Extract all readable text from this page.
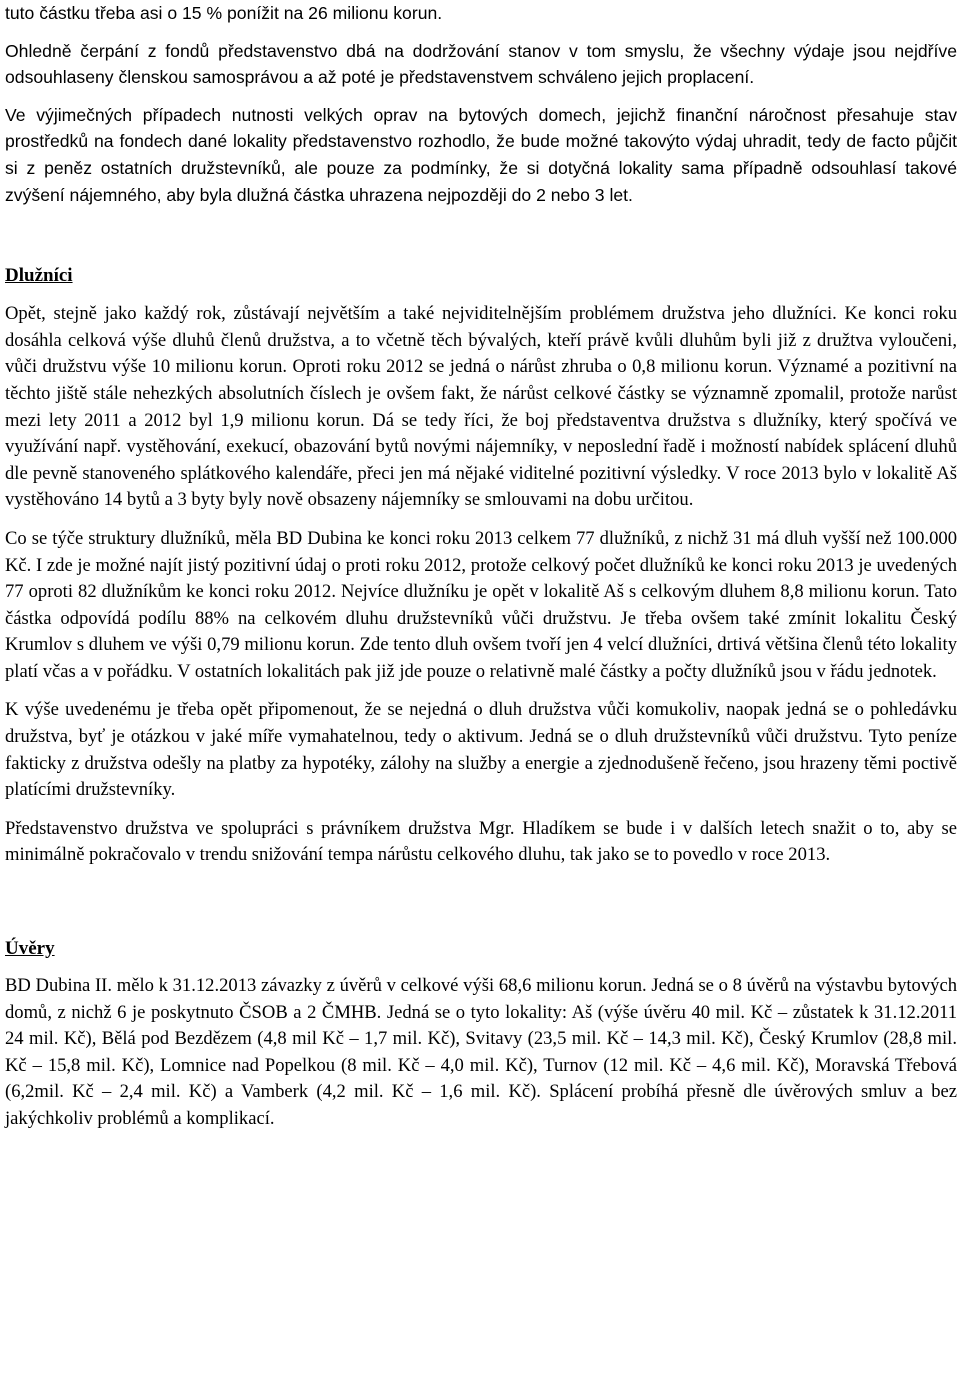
tuto částku třeba asi o 15 % ponížit na 26 milionu korun.

Ohledně čerpání z fondů představenstvo dbá na dodržování stanov v tom smyslu, že všechny výdaje jsou nejdříve odsouhlaseny členskou samosprávou a až poté je představenstvem schváleno jejich proplacení.

Ve výjimečných případech nutnosti velkých oprav na bytových domech, jejichž finanční náročnost přesahuje stav prostředků na fondech dané lokality představenstvo rozhodlo, že bude možné takovýto výdaj uhradit, tedy de facto půjčit si z peněz ostatních družstevníků, ale pouze za podmínky, že si dotyčná lokality sama případně odsouhlasí takové zvýšení nájemného, aby byla dlužná částka uhrazena nejpozději do 2 nebo 3 let.

Dlužníci

Opět, stejně jako každý rok, zůstávají největším a také nejviditelnějším problémem družstva jeho dlužníci. Ke konci roku dosáhla celková výše dluhů členů družstva, a to včetně těch bývalých, kteří právě kvůli dluhům byli již z družtva vyloučeni, vůči družstvu výše 10 milionu korun. Oproti roku 2012 se jedná o nárůst zhruba o 0,8 milionu korun. Významé a pozitivní na těchto jiště stále nehezkých absolutních číslech je ovšem fakt, že nárůst celkové částky se významně zpomalil, protože narůst mezi lety 2011 a 2012 byl 1,9 milionu korun. Dá se tedy říci, že boj představentva družstva s dlužníky, který spočívá ve využívání např. vystěhování, exekucí, obazování bytů novými nájemníky, v neposlední řadě i možností nabídek splácení dluhů dle pevně stanoveného splátkového kalendáře, přeci jen má nějaké viditelné pozitivní výsledky. V roce 2013 bylo v lokalitě Aš vystěhováno 14 bytů a 3 byty byly nově obsazeny nájemníky se smlouvami na dobu určitou.

Co se týče struktury dlužníků, měla BD Dubina ke konci roku 2013 celkem 77 dlužníků, z nichž 31 má dluh vyšší než 100.000 Kč. I zde je možné najít jistý pozitivní údaj o proti roku 2012, protože celkový počet dlužníků ke konci roku 2013 je uvedených 77 oproti 82 dlužníkům ke konci roku 2012. Nejvíce dlužníku je opět v lokalitě Aš s celkovým dluhem 8,8 milionu korun. Tato částka odpovídá podílu 88% na celkovém dluhu družstevníků vůči družstvu. Je třeba ovšem také zmínit lokalitu Český Krumlov s dluhem ve výši 0,79 milionu korun. Zde tento dluh ovšem tvoří jen 4 velcí dlužníci, drtivá většina členů této lokality platí včas a v pořádku. V ostatních lokalitách pak již jde pouze o relativně malé částky a počty dlužníků jsou v řádu jednotek.

K výše uvedenému je třeba opět připomenout, že se nejedná o dluh družstva vůči komukoliv, naopak jedná se o pohledávku družstva, byť je otázkou v jaké míře vymahatelnou, tedy o aktivum. Jedná se o dluh družstevníků vůči družstvu. Tyto peníze fakticky z družstva odešly na platby za hypotéky, zálohy na služby a energie a zjednodušeně řečeno, jsou hrazeny těmi poctivě platícími družstevníky.

Představenstvo družstva ve spolupráci s právníkem družstva Mgr. Hladíkem se bude i v dalších letech snažit o to, aby se minimálně pokračovalo v trendu snižování tempa nárůstu celkového dluhu, tak jako se to povedlo v roce 2013.

Úvěry

BD Dubina II. mělo k 31.12.2013 závazky z úvěrů v celkové výši 68,6 milionu korun. Jedná se o 8 úvěrů na výstavbu bytových domů, z nichž 6 je poskytnuto ČSOB a 2 ČMHB. Jedná se o tyto lokality: Aš (výše úvěru 40 mil. Kč – zůstatek k 31.12.2011 24 mil. Kč), Bělá pod Bezdězem (4,8 mil Kč – 1,7 mil. Kč), Svitavy (23,5 mil. Kč – 14,3 mil. Kč), Český Krumlov (28,8 mil. Kč – 15,8 mil. Kč), Lomnice nad Popelkou (8 mil. Kč – 4,0 mil. Kč), Turnov (12 mil. Kč – 4,6 mil. Kč), Moravská Třebová (6,2mil. Kč – 2,4 mil. Kč) a Vamberk (4,2 mil. Kč – 1,6 mil. Kč). Splácení probíhá přesně dle úvěrových smluv a bez jakýchkoliv problémů a komplikací.
